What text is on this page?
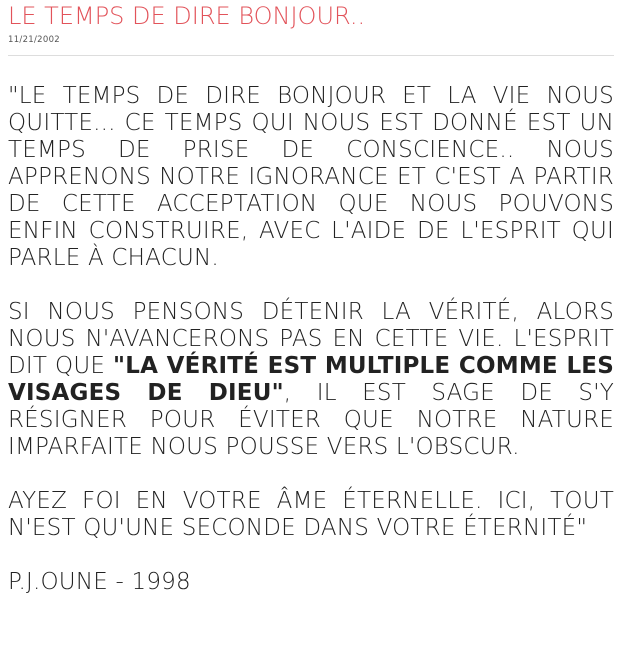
LE TEMPS DE DIRE BONJOUR..
11/21/2002

"LE TEMPS DE DIRE BONJOUR ET LA VIE NOUS QUITTE... CE TEMPS QUI NOUS EST DONNÉ EST UN TEMPS DE PRISE DE CONSCIENCE.. NOUS APPRENONS NOTRE IGNORANCE ET C'EST A PARTIR DE CETTE ACCEPTATION QUE NOUS POUVONS ENFIN CONSTRUIRE, AVEC L'AIDE DE L'ESPRIT QUI PARLE À CHACUN.

SI NOUS PENSONS DÉTENIR LA VÉRITÉ, ALORS NOUS N'AVANCERONS PAS EN CETTE VIE. L'ESPRIT DIT QUE "LA VÉRITÉ EST MULTIPLE COMME LES VISAGES DE DIEU", IL EST SAGE DE S'Y RÉSIGNER POUR ÉVITER QUE NOTRE NATURE IMPARFAITE NOUS POUSSE VERS L'OBSCUR.

AYEZ FOI EN VOTRE ÂME ÉTERNELLE. ICI, TOUT N'EST QU'UNE SECONDE DANS VOTRE ÉTERNITÉ"

P.J.OUNE - 1998
